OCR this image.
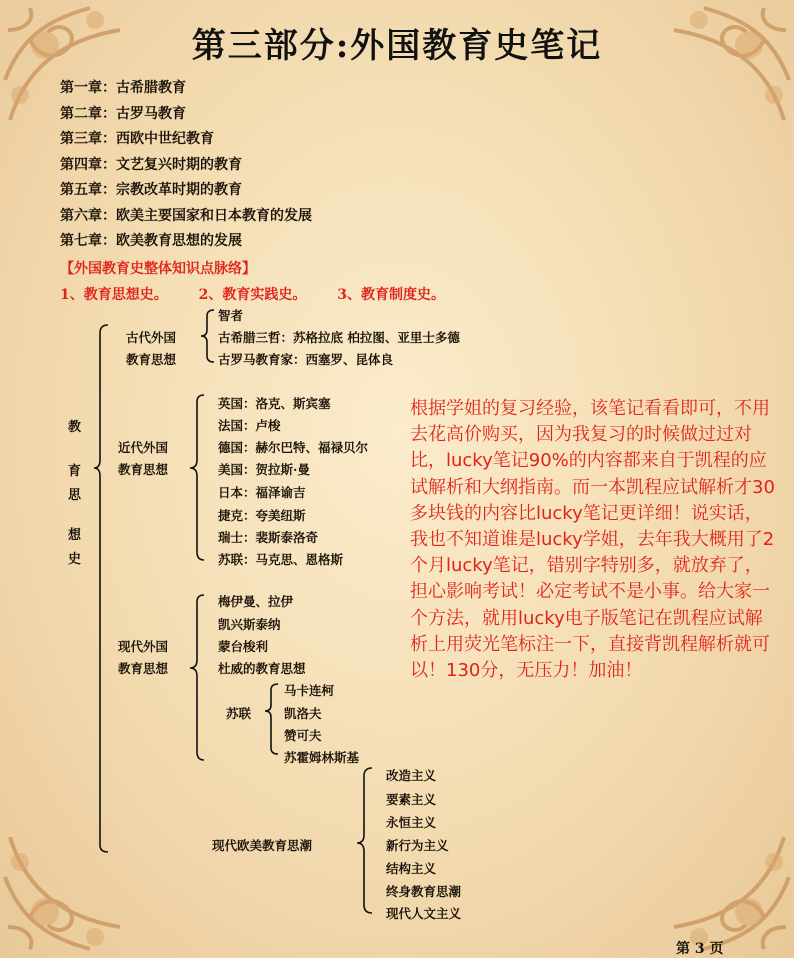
第三部分:外国教育史笔记
第一章：古希腊教育
第二章：古罗马教育
第三章：西欧中世纪教育
第四章：文艺复兴时期的教育
第五章：宗教改革时期的教育
第六章：欧美主要国家和日本教育的发展
第七章：欧美教育思想的发展
【外国教育史整体知识点脉络】
1、教育思想史。 2、教育实践史。 3、教育制度史。
教
育
思
想
史
古代外国
教育思想
智者
古希腊三哲：苏格拉底 柏拉图、亚里士多德
古罗马教育家：西塞罗、昆体良
近代外国
教育思想
英国：洛克、斯宾塞
法国：卢梭
德国：赫尔巴特、福禄贝尔
美国：贺拉斯·曼
日本：福泽谕吉
捷克：夸美纽斯
瑞士：裴斯泰洛奇
苏联：马克思、恩格斯
现代外国
教育思想
梅伊曼、拉伊
凯兴斯泰纳
蒙台梭利
杜威的教育思想
苏联
马卡连柯
凯洛夫
赞可夫
苏霍姆林斯基
现代欧美教育思潮
改造主义
要素主义
永恒主义
新行为主义
结构主义
终身教育思潮
现代人文主义
根据学姐的复习经验，该笔记看看即可，不用去花高价购买，因为我复习的时候做过过对比，lucky笔记90%的内容都来自于凯程的应试解析和大纲指南。而一本凯程应试解析才30多块钱的内容比lucky笔记更详细！说实话，我也不知道谁是lucky学姐，去年我大概用了2个月lucky笔记，错别字特别多，就放弃了，担心影响考试！必定考试不是小事。给大家一个方法，就用lucky电子版笔记在凯程应试解析上用荧光笔标注一下，直接背凯程解析就可以！130分，无压力！加油！
第 3 页
